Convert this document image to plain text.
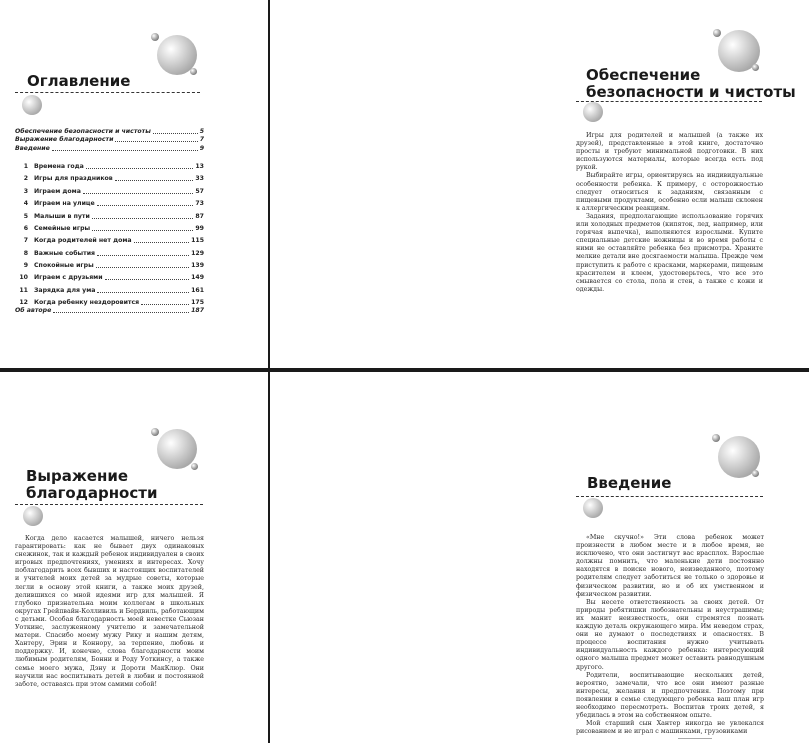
Оглавление
Обеспечение безопасности и чистоты	5
Выражение благодарности	7
Введение	9
1 Времена года	13
2 Игры для праздников	33
3 Играем дома	57
4 Играем на улице	73
5 Малыши в пути	87
6 Семейные игры	99
7 Когда родителей нет дома	115
8 Важные события	129
9 Спокойные игры	139
10 Играем с друзьями	149
11 Зарядка для ума	161
12 Когда ребенку нездоровится	175
Об авторе	187
Обеспечение
безопасности и чистоты

Игры для родителей и малышей (а также их друзей), представленные в этой книге, достаточно просты и требуют минимальной подготовки. В них используются материалы, которые всегда есть под рукой.

Выбирайте игры, ориентируясь на индивидуальные особенности ребенка. К примеру, с осторожностью следует относиться к заданиям, связанным с пищевыми продуктами, особенно если малыш склонен к аллергическим реакциям.

Задания, предполагающие использование горячих или холодных предметов (кипяток, лед, например, или горячая выпечка), выполняются взрослыми. Купите специальные детские ножницы и во время работы с ними не оставляйте ребенка без присмотра. Храните мелкие детали вне досягаемости малыша. Прежде чем приступить к работе с красками, маркерами, пищевым красителем и клеем, удостоверьтесь, что все это смывается со стола, пола и стен, а также с кожи и одежды.

Выражение
благодарности

Когда дело касается малышей, ничего нельзя гарантировать: как не бывает двух одинаковых снежинок, так и каждый ребенок индивидуален в своих игровых предпочтениях, умениях и интересах. Хочу поблагодарить всех бывших и настоящих воспитателей и учителей моих детей за мудрые советы, которые легли в основу этой книги, а также моих друзей, делившихся со мной идеями игр для малышей. Я глубоко признательна моим коллегам в школьных округах Грейпвайн-Колливиль и Бердвиль, работающим с детьми. Особая благодарность моей невестке Сьюзан Уоткинс, заслуженному учителю и замечательной матери. Спасибо моему мужу Рику и нашим детям, Хантеру, Эрин и Коннору, за терпение, любовь и поддержку. И, конечно, слова благодарности моим любимым родителям, Бонни и Роду Уоткинсу, а также семье моего мужа, Дэну и Дороти МакКлюр. Они научили нас воспитывать детей в любви и постоянной заботе, оставаясь при этом самими собой!

Введение

«Мне скучно!» Эти слова ребенок может произнести в любом месте и в любое время, не исключено, что они застигнут вас врасплох. Взрослые должны помнить, что маленькие дети постоянно находятся в поиске нового, неизведанного, поэтому родителям следует заботиться не только о здоровье и физическом развитии, но и об их умственном и физическом развитии.

Вы несете ответственность за своих детей. От природы ребятишки любознательны и неустрашимы; их манит неизвестность, они стремятся познать каждую деталь окружающего мира. Им неведом страх, они не думают о последствиях и опасностях. В процессе воспитания нужно учитывать индивидуальность каждого ребенка: интересующий одного малыша предмет может оставить равнодушным другого.

Родители, воспитывающие нескольких детей, вероятно, замечали, что все они имеют разные интересы, желания и предпочтения. Поэтому при появлении в семье следующего ребенка ваш план игр необходимо пересмотреть. Воспитав троих детей, я убедилась в этом на собственном опыте.

Мой старший сын Хантер никогда не увлекался рисованием и не играл с машинками, грузовиками
